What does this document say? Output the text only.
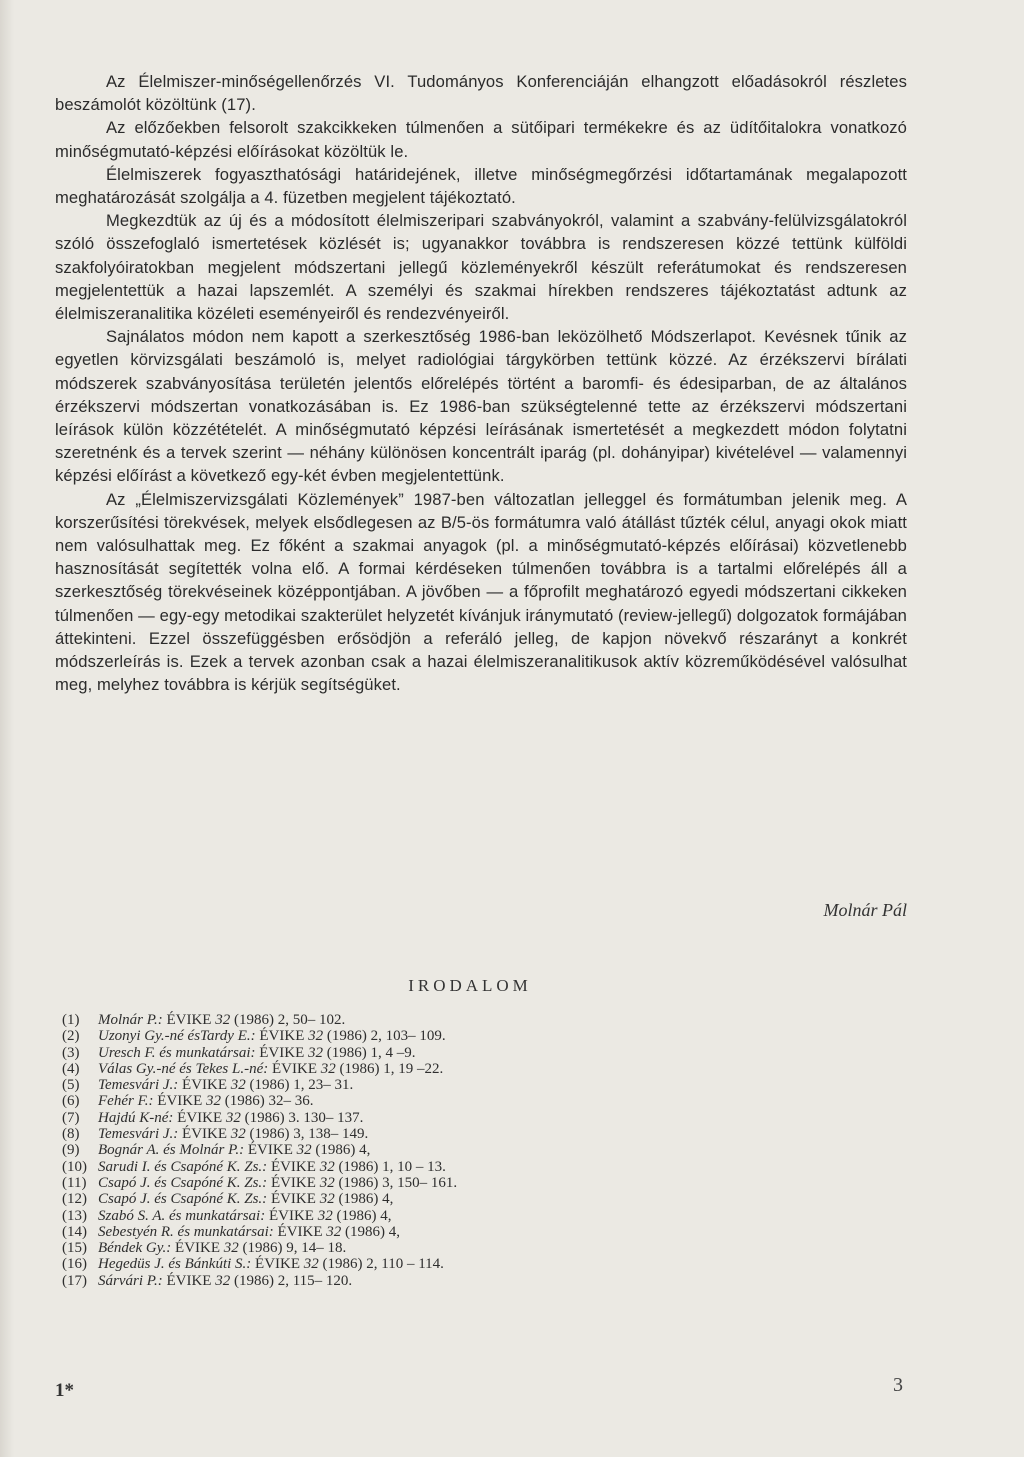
Az Élelmiszer-minőségellenőrzés VI. Tudományos Konferenciáján elhangzott előadásokról részletes beszámolót közöltünk (17).

Az előzőekben felsorolt szakcikkeken túlmenően a sütőipari termékekre és az üdítőitalokra vonatkozó minőségmutató-képzési előírásokat közöltük le.

Élelmiszerek fogyaszthatósági határidejének, illetve minőségmegőrzési időtartamának megalapozott meghatározását szolgálja a 4. füzetben megjelent tájékoztató.

Megkezdtük az új és a módosított élelmiszeripari szabványokról, valamint a szabvány-felülvizsgálatokról szóló összefoglaló ismertetések közlését is; ugyanakkor továbbra is rendszeresen közzé tettünk külföldi szakfolyóiratokban megjelent módszertani jellegű közleményekről készült referátumokat és rendszeresen megjelentettük a hazai lapszemlét. A személyi és szakmai hírekben rendszeres tájékoztatást adtunk az élelmiszeranalitika közéleti eseményeiről és rendezvényeiről.

Sajnálatos módon nem kapott a szerkesztőség 1986-ban leközölhető Módszerlapot. Kevésnek tűnik az egyetlen körvizsgálati beszámoló is, melyet radiológiai tárgykörben tettünk közzé. Az érzékszervi bírálati módszerek szabványosítása területén jelentős előrelépés történt a baromfi- és édesiparban, de az általános érzékszervi módszertan vonatkozásában is. Ez 1986-ban szükségtelenné tette az érzékszervi módszertani leírások külön közzétételét. A minőségmutató képzési leírásának ismertetését a megkezdett módon folytatni szeretnénk és a tervek szerint — néhány különösen koncentrált iparág (pl. dohányipar) kivételével — valamennyi képzési előírást a következő egy-két évben megjelentettünk.

Az „Élelmiszervizsgálati Közlemények” 1987-ben változatlan jelleggel és formátumban jelenik meg. A korszerűsítési törekvések, melyek elsődlegesen az B/5-ös formátumra való átállást tűzték célul, anyagi okok miatt nem valósulhattak meg. Ez főként a szakmai anyagok (pl. a minőségmutató-képzés előírásai) közvetlenebb hasznosítását segítették volna elő. A formai kérdéseken túlmenően továbbra is a tartalmi előrelépés áll a szerkesztőség törekvéseinek középpontjában. A jövőben — a főprofilt meghatározó egyedi módszertani cikkeken túlmenően — egy-egy metodikai szakterület helyzetét kívánjuk iránymutató (review-jellegű) dolgozatok formájában áttekinteni. Ezzel összefüggésben erősödjön a referáló jelleg, de kapjon növekvő részarányt a konkrét módszerleírás is. Ezek a tervek azonban csak a hazai élelmiszeranalitikusok aktív közreműködésével valósulhat meg, melyhez továbbra is kérjük segítségüket.

Molnár Pál
IRODALOM
(1) Molnár P.: ÉVIKE 32 (1986) 2, 50– 102.
(2) Uzonyi Gy.-né ésTardy E.: ÉVIKE 32 (1986) 2, 103– 109.
(3) Uresch F. és munkatársai: ÉVIKE 32 (1986) 1, 4 –9.
(4) Válas Gy.-né és Tekes L.-né: ÉVIKE 32 (1986) 1, 19 –22.
(5) Temesvári J.: ÉVIKE 32 (1986) 1, 23– 31.
(6) Fehér F.: ÉVIKE 32 (1986) 32– 36.
(7) Hajdú K-né: ÉVIKE 32 (1986) 3. 130– 137.
(8) Temesvári J.: ÉVIKE 32 (1986) 3, 138– 149.
(9) Bognár A. és Molnár P.: ÉVIKE 32 (1986) 4,
(10) Sarudi I. és Csapóné K. Zs.: ÉVIKE 32 (1986) 1, 10 – 13.
(11) Csapó J. és Csapóné K. Zs.: ÉVIKE 32 (1986) 3, 150– 161.
(12) Csapó J. és Csapóné K. Zs.: ÉVIKE 32 (1986) 4,
(13) Szabó S. A. és munkatársai: ÉVIKE 32 (1986) 4,
(14) Sebestyén R. és munkatársai: ÉVIKE 32 (1986) 4,
(15) Béndek Gy.: ÉVIKE 32 (1986) 9, 14– 18.
(16) Hegedüs J. és Bánkúti S.: ÉVIKE 32 (1986) 2, 110 – 114.
(17) Sárvári P.: ÉVIKE 32 (1986) 2, 115– 120.
1*	3
